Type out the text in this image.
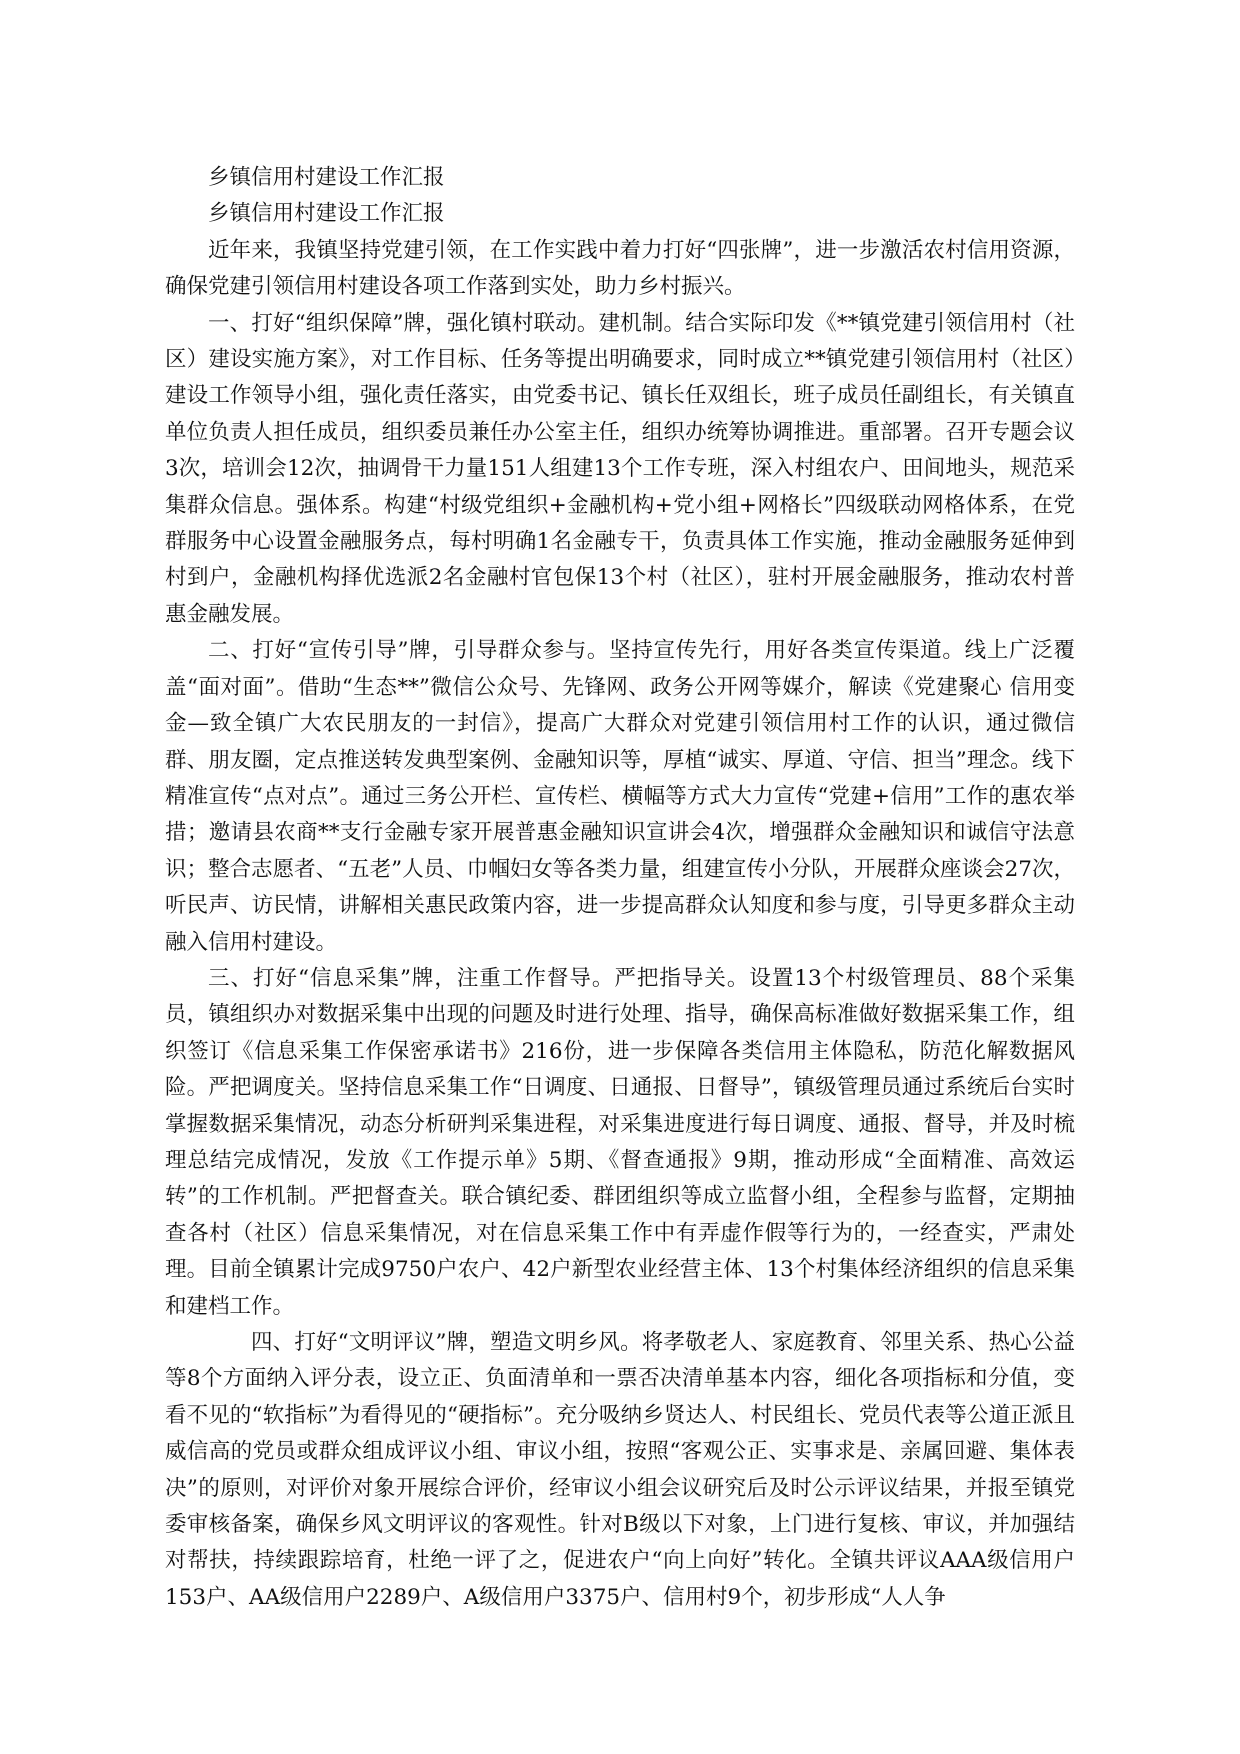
乡镇信用村建设工作汇报

乡镇信用村建设工作汇报

近年来，我镇坚持党建引领，在工作实践中着力打好“四张牌”，进一步激活农村信用资源，确保党建引领信用村建设各项工作落到实处，助力乡村振兴。

一、打好“组织保障”牌，强化镇村联动。建机制。结合实际印发《**镇党建引领信用村（社区）建设实施方案》，对工作目标、任务等提出明确要求，同时成立**镇党建引领信用村（社区）建设工作领导小组，强化责任落实，由党委书记、镇长任双组长，班子成员任副组长，有关镇直单位负责人担任成员，组织委员兼任办公室主任，组织办统筹协调推进。重部署。召开专题会议3次，培训会12次，抽调骨干力量151人组建13个工作专班，深入村组农户、田间地头，规范采集群众信息。强体系。构建“村级党组织+金融机构+党小组+网格长”四级联动网格体系，在党群服务中心设置金融服务点，每村明确1名金融专干，负责具体工作实施，推动金融服务延伸到村到户，金融机构择优选派2名金融村官包保13个村（社区），驻村开展金融服务，推动农村普惠金融发展。

二、打好“宣传引导”牌，引导群众参与。坚持宣传先行，用好各类宣传渠道。线上广泛覆盖“面对面”。借助“生态**”微信公众号、先锋网、政务公开网等媒介，解读《党建聚心 信用变金—致全镇广大农民朋友的一封信》，提高广大群众对党建引领信用村工作的认识，通过微信群、朋友圈，定点推送转发典型案例、金融知识等，厚植“诚实、厚道、守信、担当”理念。线下精准宣传“点对点”。通过三务公开栏、宣传栏、横幅等方式大力宣传“党建+信用”工作的惠农举措；邀请县农商**支行金融专家开展普惠金融知识宣讲会4次，增强群众金融知识和诚信守法意识；整合志愿者、“五老”人员、巾帼妇女等各类力量，组建宣传小分队，开展群众座谈会27次，听民声、访民情，讲解相关惠民政策内容，进一步提高群众认知度和参与度，引导更多群众主动融入信用村建设。

三、打好“信息采集”牌，注重工作督导。严把指导关。设置13个村级管理员、88个采集员，镇组织办对数据采集中出现的问题及时进行处理、指导，确保高标准做好数据采集工作，组织签订《信息采集工作保密承诺书》216份，进一步保障各类信用主体隐私，防范化解数据风险。严把调度关。坚持信息采集工作“日调度、日通报、日督导”，镇级管理员通过系统后台实时掌握数据采集情况，动态分析研判采集进程，对采集进度进行每日调度、通报、督导，并及时梳理总结完成情况，发放《工作提示单》5期、《督查通报》9期，推动形成“全面精准、高效运转”的工作机制。严把督查关。联合镇纪委、群团组织等成立监督小组，全程参与监督，定期抽查各村（社区）信息采集情况，对在信息采集工作中有弄虚作假等行为的，一经查实，严肃处理。目前全镇累计完成9750户农户、42户新型农业经营主体、13个村集体经济组织的信息采集和建档工作。

四、打好“文明评议”牌，塑造文明乡风。将孝敬老人、家庭教育、邻里关系、热心公益等8个方面纳入评分表，设立正、负面清单和一票否决清单基本内容，细化各项指标和分值，变看不见的“软指标”为看得见的“硬指标”。充分吸纳乡贤达人、村民组长、党员代表等公道正派且威信高的党员或群众组成评议小组、审议小组，按照“客观公正、实事求是、亲属回避、集体表决”的原则，对评价对象开展综合评价，经审议小组会议研究后及时公示评议结果，并报至镇党委审核备案，确保乡风文明评议的客观性。针对B级以下对象，上门进行复核、审议，并加强结对帮扶，持续跟踪培育，杜绝一评了之，促进农户“向上向好”转化。全镇共评议AAA级信用户153户、AA级信用户2289户、A级信用户3375户、信用村9个，初步形成“人人争
